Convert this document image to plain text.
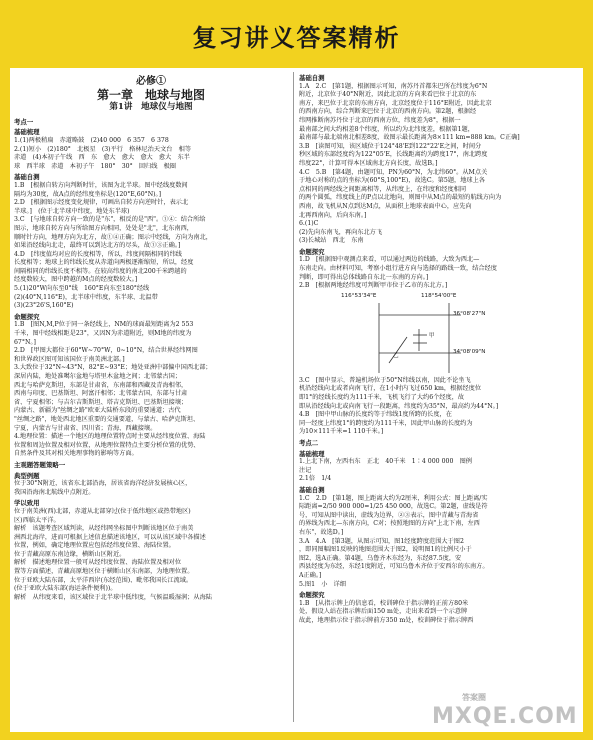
复习讲义答案精析
必修①
第一章　地球与地图
第1讲　地球仪与地图

考点一

基础梳理

1.(1)两极稍扁　赤道略鼓　(2)40 000　6 357　6 378

2.(1)短小　(2)180°　北极星　(3)平行　格林尼治天文台　相等

赤道　(4)本初子午线　西　东　愈大　愈大　愈大　愈大　东半

球　西半球　赤道　本初子午　180°　30°　回归线　极圈

基础自测

1.B　[根据自转方向判断时针，该图为北半球。图中经线度数间

隔均为30度，故A点的经纬度坐标是(120°E,60°N)。]

2.D　[根据图示经度变化规律，可画出自转方向逆时针，表示北

半球。]　(位于北半球中纬度，地处东半球)

3.C　[与地球自转方向一致的是"东"，相反的是"西"。①④：结合所给

图示，地球自转方向与所给图方向相同，处处是"北"，北东南西，

顺时针方向，地理方向为北方，故①④正确；图示中经线，方向为南北，

如果沿经线向北走，最终可以到达北方的尽头，故①③正确。]

4.D　[纬度值均对应的长度相等，所以，纬度间隔相同的纬线

长度相等；地球上的纬线长度从赤道向两极逐渐缩短，所以，经度

间隔相同的纬线长度不相等。在较高纬度的南北200千米跨越的

经度数较大，图中跨越的M点的经度数较大。]

5.(1)20°W向东至0°线　160°E向东至180°经线

(2)(40°N,116°E)，北半球中纬度，东半球、北温带

(3)(23°26'S,160°E)

命题探究

1.B　[图N,M,P位于同一条经线上，NM的球面最短距离为2 553

千米，图中经线相距是23°，又因N为赤道附近，则M地的纬度为

67°N。]

2.D　[甲图大都位于60°W~70°W，0~10°N，结合世界经纬网图

和世界政区图可知该国位于南美洲北部。]

3.大致位于32°N~43°N，82°E~93°E；地处亚洲中部偏中国西北部；

深居内陆，地处准噶尔盆地与塔里木盆地之间；北邻蒙古国；

西北与哈萨克斯坦，东部是甘肃省，东南部和西藏及青海相邻，

西南与印度、巴基斯坦、阿富汗相邻；北邻蒙古国，东部与甘肃

省、宁夏相邻；与吉尔吉斯斯坦、塔吉克斯坦、巴基斯坦接壤；

内蒙古、新疆为"丝绸之路"欧亚大陆桥东段的重要通道；古代

"丝绸之路"，地处西北地区重要的交通要道，与蒙古、哈萨克斯坦、

宁夏，内蒙古与甘肃省、四川省；青海、西藏接壤。

4.地理位置：描述一个地区的地理位置特点时主要从经纬度位置、海陆

位置和周边位置及相对位置，从地理位置特点主要分析位置的优势、

自然条件及其对相关地理事物的影响等方面。

主观题答题策略一

典型例题

位于30°N附近，该省东北部沿海，居该省海洋经济发展核心区，

我国沿海南北航线中点附近。

学以致用

位于南美洲(西)北部，赤道从北部穿过(位于低纬地区或热带地区)

区)西临太平洋。

解析　该题考查区域判读，从经纬网坐标图中判断该地区位于南美

洲西北海岸，进而可根据上述信息描述该地区，可以从该区域中各描述

位置，例如，确定地理位置应包括经纬度位置、海陆位置。

位于青藏高原东南边缘，横断山区附近。

解析　描述地理位置一般可从经纬度位置、海陆位置及相对位

置等方面描述，青藏高原地区位于横断山区东南部，为地理位置。

位于亚欧大陆东部，太平洋西岸(东经范围)、毗邻我国长江流域。

(位于亚欧大陆东部(海运条件便利))。

解析　从纬度来看，该区域位于北半球中低纬度，气候温暖湿润；从海陆

基础自测

1.A　2.C　[第1题，根据图示可知，南苏丹首都朱巴所在纬度为6°N

附近，北京位于40°N附近，因此北京的方向来看巴位于北京的东

南方，来巴位于北京的东南方向，北京经度位于116°E附近，因此北京

的西南方向，综合判断来巴位于北京的西南方向。第2题，根据经

纬网推断南苏丹位于北京的西南方位，纬度差为8°，根据一

最南部之间大约相差8个纬度，所以约为北纬度差，根据第1题，

最南部与最北端南北相差8度，故图示最长距离为8×111 km=888 km。C正确]

3.B　[读图可知，该区域位于124°48'E到122°22'E之间，时间分

秒区域的东部经度约为122°05'E，长线距离约为跨度17°，南北跨度

纬度22°，计算可得本区域南北方向长度，故选B。]

4.C　5.B　[第4题，由题可知，PN为60°N，为北纬60°。从M点关

于地心对称的点的坐标为(60°S,100°E)，故选C。第5题，地球上各

点相同的两经线之间距离相等，从纬度上，在纬度和经度相同

的两个圆弧，纬度线上的P点以北地向，则图中从M点的最短的航线方向为

西南，故飞机从N点到达M点，从面积上地球表面中心，应先向

北再西南向，后向东南。]

6.(1)C

(2)先向东南飞，再向东北方飞

(3)长城站　西北　东南

命题探究

1.D　[根据图中观测点来看，可以通过两边的线路，大致为西北—

东南走向。由材料可知，考察小组行进方向与选择的路线一致，结合经度

判断，即可得出总体线路自东北一东南的方向。]

2.B　[根据两地经纬度可判断甲市位于乙市的东北方。]

116°53'34"E	118°54'00"E
36°08'27"N
34°08'09"N
乙
甲

3.C　[图中显示，普遍机场位于50°N纬线以南，因此不论坐飞

机沿经线向北或者向南飞行，在1小时内飞过650 km，根据经度位

即1°的经线长度约为111千米，飞机飞行了大约6个经度，故

即从沿经线向北或向南飞行一段距离，纬度约为35°N，最高约为44°N。]

4.B　[图中甲山脉的长度约等于纬线1度所跨的长度，在

同一经度上纬度1°的跨度约为111千米，因此甲山脉的长度约为

为10×111千米=1 110千米。]

考点二

基础梳理

1.上北下南，左西右东　正北　40千米　1∶4 000 000　图例

注记

2.1倍　1/4

基础自测

1.C　2.D　[第1题，图上距离大约为2厘米，利用公式：图上距离/实

际距离=2/50 900 000=1/25 450 000，故选C。第2题，虚线是符

号，可知从图中读出，虚线为边界，②③表示，图中青藏与青海省

的界线为西北—东南方向，C对；按照地图的方向"上北下南，左西

右东"，故选D。]

3.A　4.A　[第3题，从图示可知，图1经度跨度范围大于图2

，即同图幅图1反映的地图范围大于图2，说明图1的比例尺小于

图2，选A正确。第4题，乌鲁齐木东经为，东经87.5度，安

西县经度为东经，东经1度附近，可知乌鲁木齐位于安西尔的东南方。

A正确。]

5.图1　小　详细

命题探究

1.B　[从指示牌上的信息看，校训碑位于指示牌的正前方80米

处，假设人站在指示牌后面150 m处，走出来看到一个示意牌

故此，地理指示位于指示牌前方350 m处，校训碑位于指示牌西

答案圈
MXQE.COM
